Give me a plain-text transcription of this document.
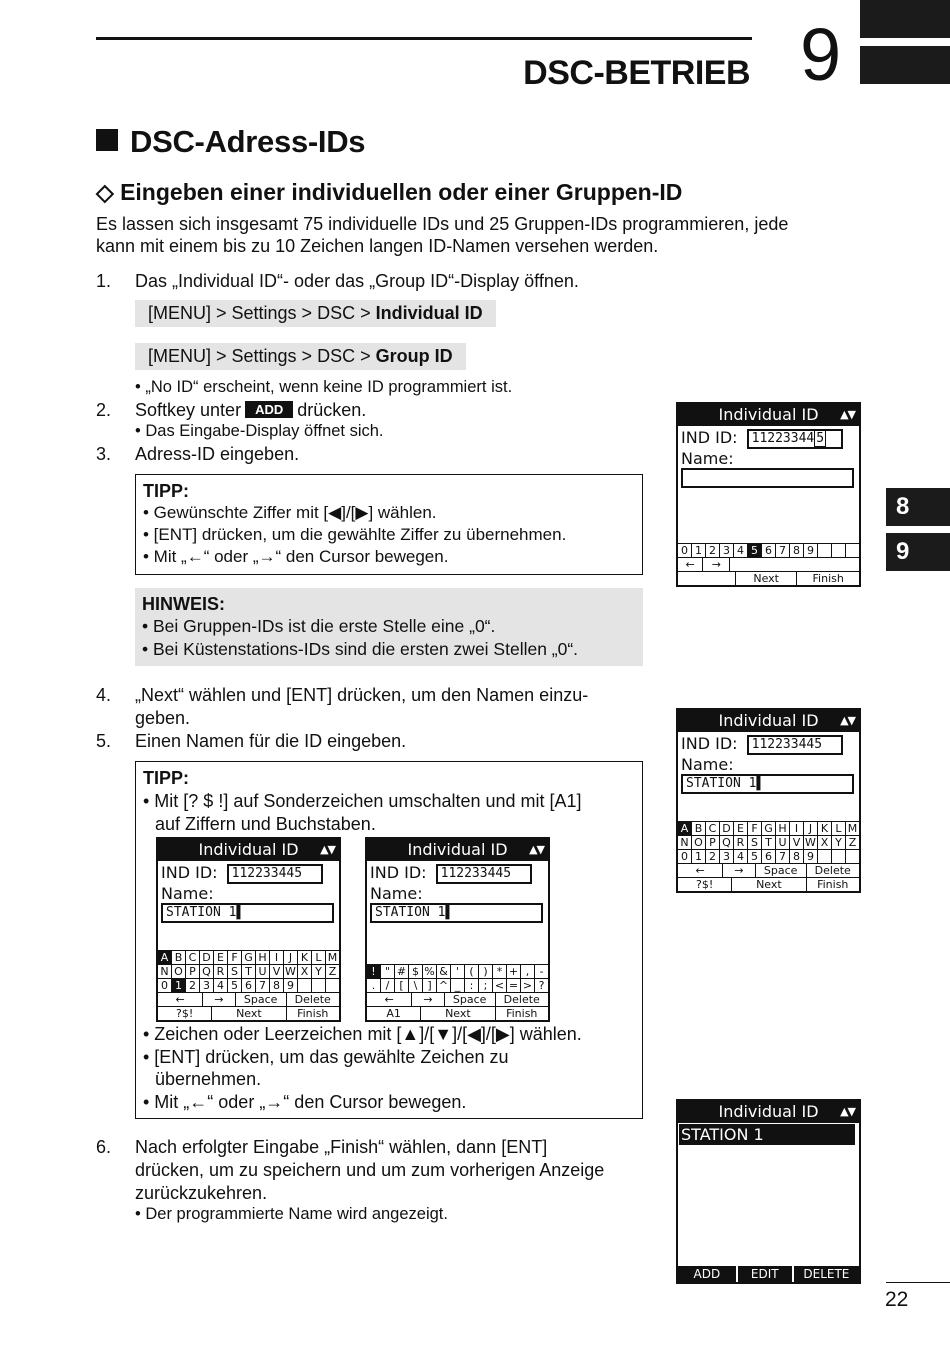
DSC-BETRIEB 9
8
9
DSC-Adress-IDs
◇ Eingeben einer individuellen oder einer Gruppen-ID
Es lassen sich insgesamt 75 individuelle IDs und 25 Gruppen-IDs programmieren, jede
kann mit einem bis zu 10 Zeichen langen ID-Namen versehen werden.
1. Das „Individual ID“- oder das „Group ID“-Display öffnen.
[MENU] > Settings > DSC > Individual ID
[MENU] > Settings > DSC > Group ID
• „No ID“ erscheint, wenn keine ID programmiert ist.
2. Softkey unter ADD drücken.
• Das Eingabe-Display öffnet sich.
3. Adress-ID eingeben.
TIPP:
• Gewünschte Ziffer mit [◀]/[▶] wählen.
• [ENT] drücken, um die gewählte Ziffer zu übernehmen.
• Mit „←“ oder „→“ den Cursor bewegen.
HINWEIS:
• Bei Gruppen-IDs ist die erste Stelle eine „0“.
• Bei Küstenstations-IDs sind die ersten zwei Stellen „0“.
4. „Next“ wählen und [ENT] drücken, um den Namen einzu-
geben.
5. Einen Namen für die ID eingeben.
TIPP:
• Mit [? $ !] auf Sonderzeichen umschalten und mit [A1]
auf Ziffern und Buchstaben.
Individual ID ▲▼
IND ID: 112233445
Name:
STATION 1▌
A B C D E F G H I J K L M
N O P Q R S T U V W X Y Z
0 1 2 3 4 5 6 7 8 9
←	→	Space	Delete
?$!	Next	Finish
Individual ID ▲▼
IND ID: 112233445
Name:
STATION 1▌
! " # $ % & ' ( ) * + , -
. / [ \ ] ^ _ : ; < = > ?
←	→	Space	Delete
A1	Next	Finish
• Zeichen oder Leerzeichen mit [▲]/[▼]/[◀]/[▶] wählen.
• [ENT] drücken, um das gewählte Zeichen zu
übernehmen.
• Mit „←“ oder „→“ den Cursor bewegen.
6. Nach erfolgter Eingabe „Finish“ wählen, dann [ENT]
drücken, um zu speichern und um zum vorherigen Anzeige
zurückzukehren.
• Der programmierte Name wird angezeigt.
Individual ID ▲▼
IND ID: 11223344 5
Name:
0 1 2 3 4 5 6 7 8 9
←	→
Next	Finish
Individual ID ▲▼
IND ID: 112233445
Name:
STATION 1▌
A B C D E F G H I J K L M
N O P Q R S T U V W X Y Z
0 1 2 3 4 5 6 7 8 9
←	→	Space	Delete
?$!	Next	Finish
Individual ID ▲▼
STATION 1
ADD	EDIT	DELETE
22
